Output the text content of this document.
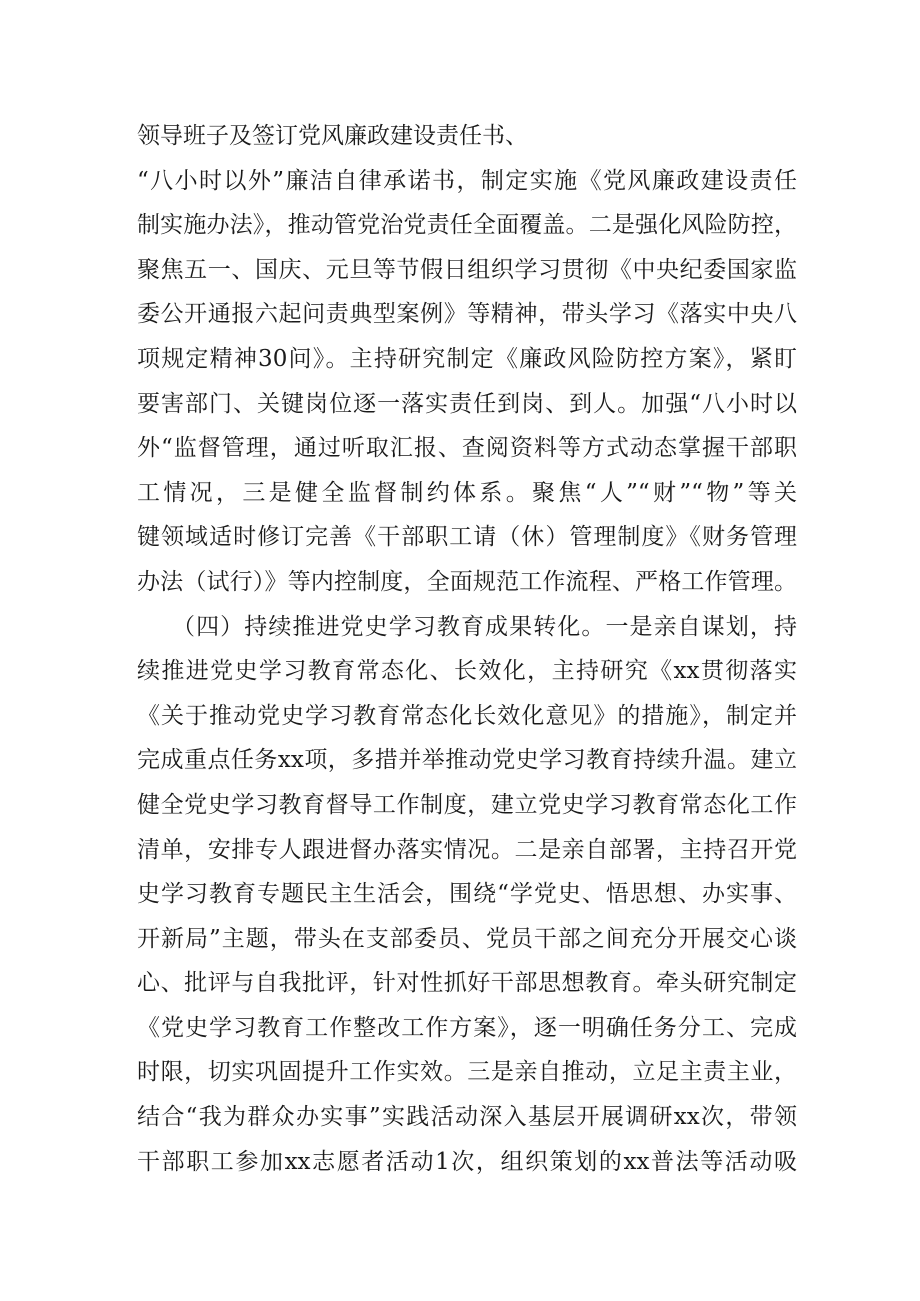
领导班子及签订党风廉政建设责任书、
“八小时以外”廉洁自律承诺书，制定实施《党风廉政建设责任
制实施办法》，推动管党治党责任全面覆盖。二是强化风险防控，
聚焦五一、国庆、元旦等节假日组织学习贯彻《中央纪委国家监
委公开通报六起问责典型案例》等精神，带头学习《落实中央八
项规定精神30问》。主持研究制定《廉政风险防控方案》，紧盯
要害部门、关键岗位逐一落实责任到岗、到人。加强“八小时以
外“监督管理，通过听取汇报、查阅资料等方式动态掌握干部职
工情况，三是健全监督制约体系。聚焦“人”“财”“物”等关
键领域适时修订完善《干部职工请（休）管理制度》《财务管理
办法（试行）》等内控制度，全面规范工作流程、严格工作管理。
（四）持续推进党史学习教育成果转化。一是亲自谋划，持
续推进党史学习教育常态化、长效化，主持研究《xx贯彻落实
《关于推动党史学习教育常态化长效化意见》的措施》，制定并
完成重点任务xx项，多措并举推动党史学习教育持续升温。建立
健全党史学习教育督导工作制度，建立党史学习教育常态化工作
清单，安排专人跟进督办落实情况。二是亲自部署，主持召开党
史学习教育专题民主生活会，围绕“学党史、悟思想、办实事、
开新局”主题，带头在支部委员、党员干部之间充分开展交心谈
心、批评与自我批评，针对性抓好干部思想教育。牵头研究制定
《党史学习教育工作整改工作方案》，逐一明确任务分工、完成
时限，切实巩固提升工作实效。三是亲自推动，立足主责主业，
结合“我为群众办实事”实践活动深入基层开展调研xx次，带领
干部职工参加xx志愿者活动1次，组织策划的xx普法等活动吸
